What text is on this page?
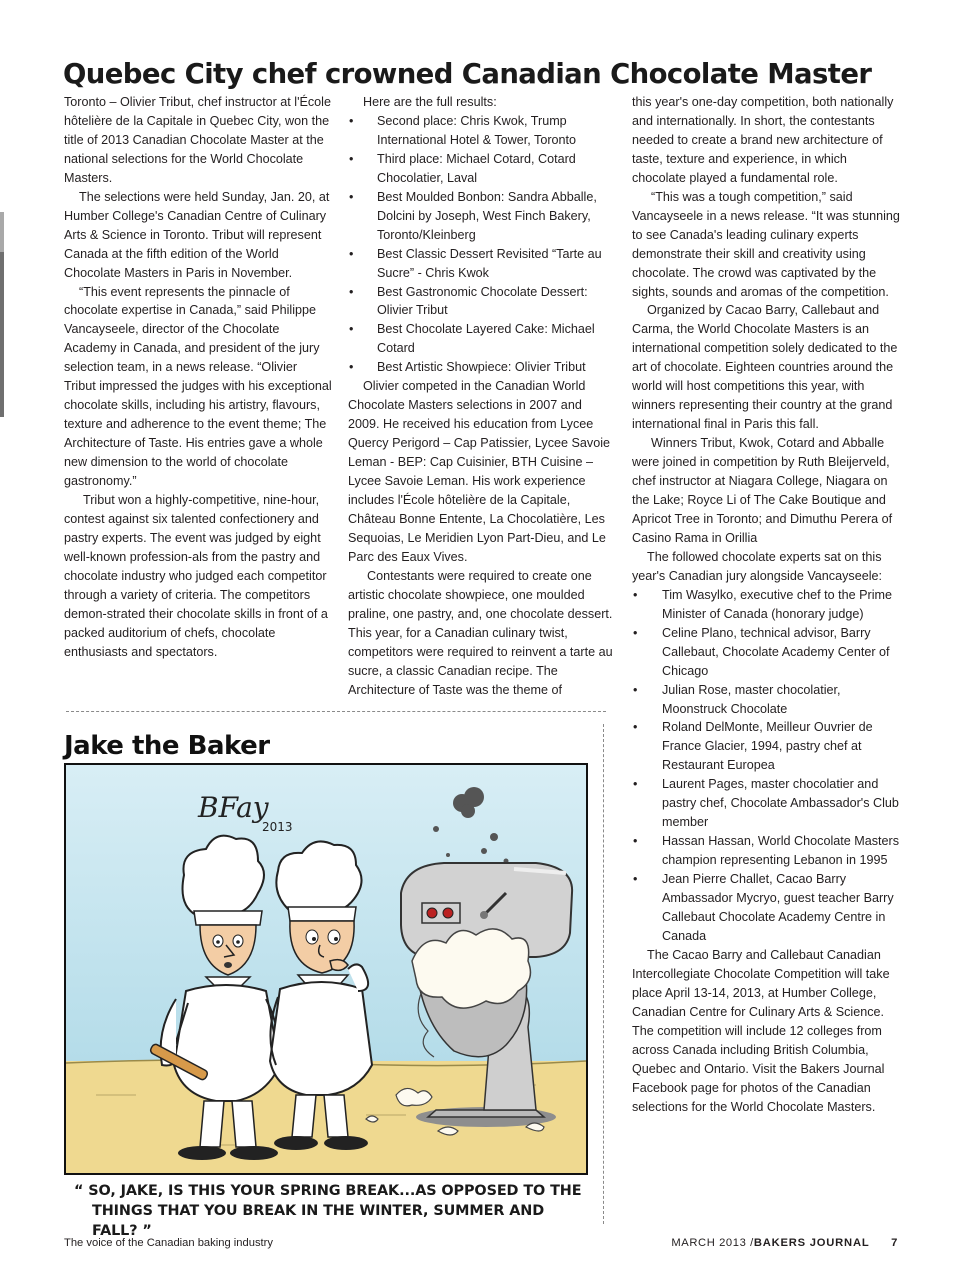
Quebec City chef crowned Canadian Chocolate Master

Toronto – Olivier Tribut, chef instructor at l'École hôtelière de la Capitale in Quebec City, won the title of 2013 Canadian Chocolate Master at the national selections for the World Chocolate Masters.

The selections were held Sunday, Jan. 20, at Humber College's Canadian Centre of Culinary Arts & Science in Toronto. Tribut will represent Canada at the fifth edition of the World Chocolate Masters in Paris in November.

“This event represents the pinnacle of chocolate expertise in Canada,” said Philippe Vancayseele, director of the Chocolate Academy in Canada, and president of the jury selection team, in a news release. “Olivier Tribut impressed the judges with his exceptional chocolate skills, including his artistry, flavours, texture and adherence to the event theme; The Architecture of Taste. His entries gave a whole new dimension to the world of chocolate gastronomy.”

Tribut won a highly-competitive, nine-hour, contest against six talented confectionery and pastry experts. The event was judged by eight well-known profession-als from the pastry and chocolate industry who judged each competitor through a variety of criteria. The competitors demon-strated their chocolate skills in front of a packed auditorium of chefs, chocolate enthusiasts and spectators.

Here are the full results:

• Second place: Chris Kwok, Trump International Hotel & Tower, Toronto
• Third place: Michael Cotard, Cotard Chocolatier, Laval
• Best Moulded Bonbon: Sandra Abballe, Dolcini by Joseph, West Finch Bakery, Toronto/Kleinberg
• Best Classic Dessert Revisited “Tarte au Sucre” - Chris Kwok
• Best Gastronomic Chocolate Dessert: Olivier Tribut
• Best Chocolate Layered Cake: Michael Cotard
• Best Artistic Showpiece: Olivier Tribut

Olivier competed in the Canadian World Chocolate Masters selections in 2007 and 2009. He received his education from Lycee Quercy Perigord – Cap Patissier, Lycee Savoie Leman - BEP: Cap Cuisinier, BTH Cuisine – Lycee Savoie Leman. His work experience includes l'École hôtelière de la Capitale, Château Bonne Entente, La Chocolatière, Les Sequoias, Le Meridien Lyon Part-Dieu, and Le Parc des Eaux Vives.

Contestants were required to create one artistic chocolate showpiece, one moulded praline, one pastry, and, one chocolate dessert. This year, for a Canadian culinary twist, competitors were required to reinvent a tarte au sucre, a classic Canadian recipe. The Architecture of Taste was the theme of

this year's one-day competition, both nationally and internationally. In short, the contestants needed to create a brand new architecture of taste, texture and experience, in which chocolate played a fundamental role.

“This was a tough competition,” said Vancayseele in a news release. “It was stunning to see Canada's leading culinary experts demonstrate their skill and creativity using chocolate. The crowd was captivated by the sights, sounds and aromas of the competition.

Organized by Cacao Barry, Callebaut and Carma, the World Chocolate Masters is an international competition solely dedicated to the art of chocolate. Eighteen countries around the world will host competitions this year, with winners representing their country at the grand international final in Paris this fall.

Winners Tribut, Kwok, Cotard and Abballe were joined in competition by Ruth Bleijerveld, chef instructor at Niagara College, Niagara on the Lake; Royce Li of The Cake Boutique and Apricot Tree in Toronto; and Dimuthu Perera of Casino Rama in Orillia

The followed chocolate experts sat on this year's Canadian jury alongside Vancayseele:

• Tim Wasylko, executive chef to the Prime Minister of Canada (honorary judge)
• Celine Plano, technical advisor, Barry Callebaut, Chocolate Academy Center of Chicago
• Julian Rose, master chocolatier, Moonstruck Chocolate
• Roland DelMonte, Meilleur Ouvrier de France Glacier, 1994, pastry chef at Restaurant Europea
• Laurent Pages, master chocolatier and pastry chef, Chocolate Ambassador's Club member
• Hassan Hassan, World Chocolate Masters champion representing Lebanon in 1995
• Jean Pierre Challet, Cacao Barry Ambassador Mycryo, guest teacher Barry Callebaut Chocolate Academy Centre in Canada

The Cacao Barry and Callebaut Canadian Intercollegiate Chocolate Competition will take place April 13-14, 2013, at Humber College, Canadian Centre for Culinary Arts & Science. The competition will include 12 colleges from across Canada including British Columbia, Quebec and Ontario. Visit the Bakers Journal Facebook page for photos of the Canadian selections for the World Chocolate Masters.

Jake the Baker
BFay
2013

“ SO, JAKE, IS THIS YOUR SPRING BREAK...AS OPPOSED TO THE
THINGS THAT YOU BREAK IN THE WINTER, SUMMER AND FALL? ”

The voice of the Canadian baking industry	MARCH 2013 /BAKERS JOURNAL 7
